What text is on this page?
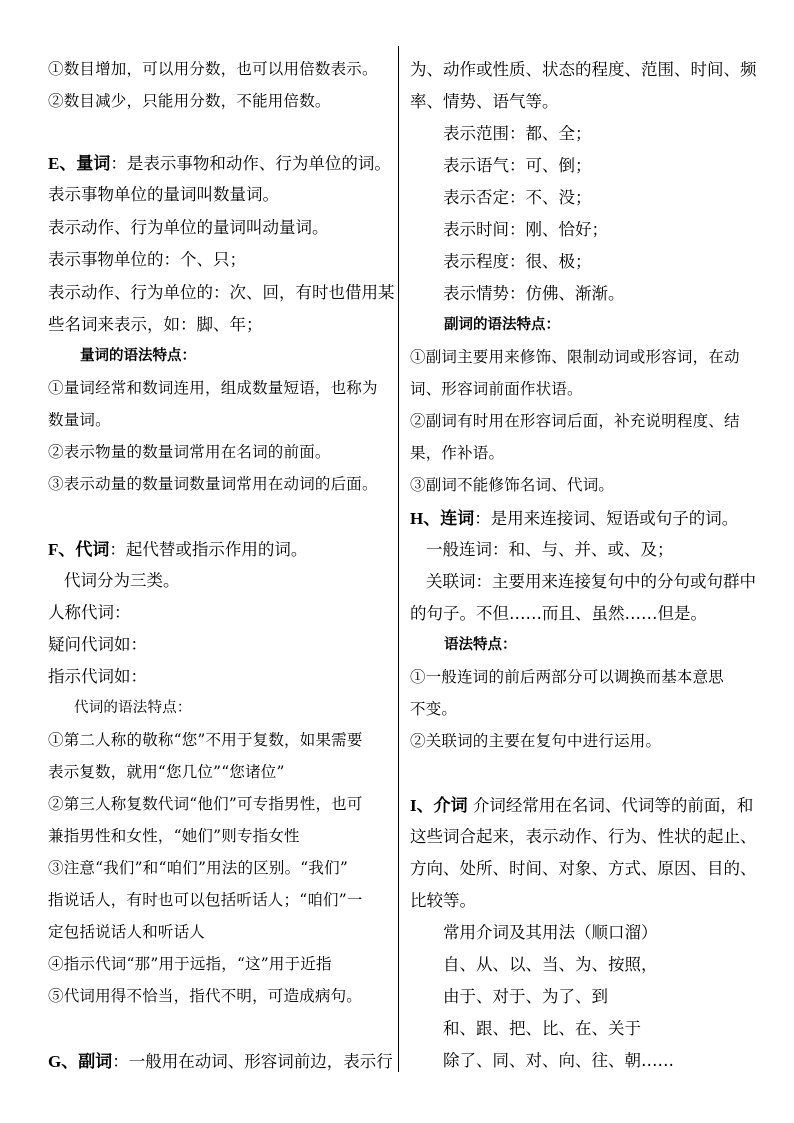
①数目增加，可以用分数，也可以用倍数表示。
②数目减少，只能用分数，不能用倍数。
E、量词：是表示事物和动作、行为单位的词。
表示事物单位的量词叫数量词。
表示动作、行为单位的量词叫动量词。
表示事物单位的：个、只；
表示动作、行为单位的：次、回，有时也借用某
些名词来表示，如：脚、年；
量词的语法特点：
①量词经常和数词连用，组成数量短语，也称为
数量词。
②表示物量的数量词常用在名词的前面。
③表示动量的数量词数量词常用在动词的后面。
F、代词：起代替或指示作用的词。
代词分为三类。
人称代词：
疑问代词如：
指示代词如：
代词的语法特点：
①第二人称的敬称“您”不用于复数，如果需要
表示复数，就用“您几位”“您诸位”
②第三人称复数代词“他们”可专指男性，也可
兼指男性和女性，“她们”则专指女性
③注意“我们”和“咱们”用法的区别。“我们”
指说话人，有时也可以包括听话人；“咱们”一
定包括说话人和听话人
④指示代词“那”用于远指，“这”用于近指
⑤代词用得不恰当，指代不明，可造成病句。
G、副词：一般用在动词、形容词前边，表示行
为、动作或性质、状态的程度、范围、时间、频
率、情势、语气等。
表示范围：都、全；
表示语气：可、倒；
表示否定：不、没；
表示时间：刚、恰好；
表示程度：很、极；
表示情势：仿佛、渐渐。
副词的语法特点：
①副词主要用来修饰、限制动词或形容词，在动
词、形容词前面作状语。
②副词有时用在形容词后面，补充说明程度、结
果，作补语。
③副词不能修饰名词、代词。
H、连词：是用来连接词、短语或句子的词。
一般连词：和、与、并、或、及；
关联词：主要用来连接复句中的分句或句群中
的句子。不但……而且、虽然……但是。
语法特点：
①一般连词的前后两部分可以调换而基本意思
不变。
②关联词的主要在复句中进行运用。
I、介词 介词经常用在名词、代词等的前面，和
这些词合起来，表示动作、行为、性状的起止、
方向、处所、时间、对象、方式、原因、目的、
比较等。
常用介词及其用法（顺口溜）
自、从、以、当、为、按照，
由于、对于、为了、到
和、跟、把、比、在、关于
除了、同、对、向、往、朝……
